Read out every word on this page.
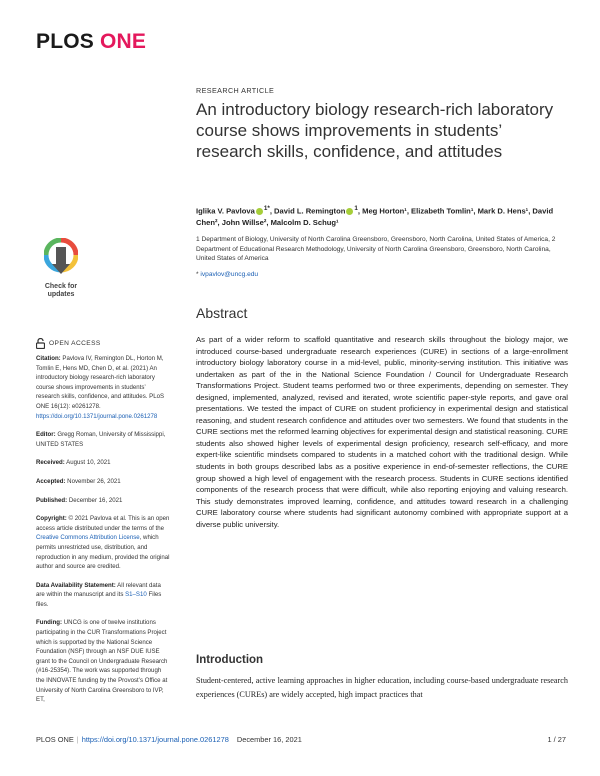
PLOS ONE
RESEARCH ARTICLE
An introductory biology research-rich laboratory course shows improvements in students’ research skills, confidence, and attitudes
Iglika V. Pavlova $^{1*}$, David L. Remington $^1$, Meg Horton¹, Elizabeth Tomlin¹, Mark D. Hens¹, David Chen², John Willse², Malcolm D. Schug¹
1 Department of Biology, University of North Carolina Greensboro, Greensboro, North Carolina, United States of America, 2 Department of Educational Research Methodology, University of North Carolina Greensboro, Greensboro, North Carolina, United States of America
* ivpavlov@uncg.edu
Check for
updates
OPEN ACCESS

Citation: Pavlova IV, Remington DL, Horton M, Tomlin E, Hens MD, Chen D, et al. (2021) An introductory biology research-rich laboratory course shows improvements in students’ research skills, confidence, and attitudes. PLoS ONE 16(12): e0261278. https://doi.org/10.1371/journal.pone.0261278

Editor: Gregg Roman, University of Mississippi, UNITED STATES

Received: August 10, 2021

Accepted: November 26, 2021

Published: December 16, 2021

Copyright: © 2021 Pavlova et al. This is an open access article distributed under the terms of the Creative Commons Attribution License, which permits unrestricted use, distribution, and reproduction in any medium, provided the original author and source are credited.

Data Availability Statement: All relevant data are within the manuscript and its S1–S10 Files files.

Funding: UNCG is one of twelve institutions participating in the CUR Transformations Project which is supported by the National Science Foundation (NSF) through an NSF DUE IUSE grant to the Council on Undergraduate Research (#16-25354). The work was supported through the INNOVATE funding by the Provost’s Office at University of North Carolina Greensboro to IVP, ET,

Abstract

As part of a wider reform to scaffold quantitative and research skills throughout the biology major, we introduced course-based undergraduate research experiences (CURE) in sections of a large-enrollment introductory biology laboratory course in a mid-level, public, minority-serving institution. This initiative was undertaken as part of the in the National Science Foundation / Council for Undergraduate Research Transformations Project. Student teams performed two or three experiments, depending on semester. They designed, implemented, analyzed, revised and iterated, wrote scientific paper-style reports, and gave oral presentations. We tested the impact of CURE on student proficiency in experimental design and statistical reasoning, and student research confidence and attitudes over two semesters. We found that students in the CURE sections met the reformed learning objectives for experimental design and statistical reasoning. CURE students also showed higher levels of experimental design proficiency, research self-efficacy, and more expert-like scientific mindsets compared to students in a matched cohort with the traditional design. While students in both groups described labs as a positive experience in end-of-semester reflections, the CURE group showed a high level of engagement with the research process. Students in CURE sections identified components of the research process that were difficult, while also reporting enjoying and valuing research. This study demonstrates improved learning, confidence, and attitudes toward research in a challenging CURE laboratory course where students had significant autonomy combined with appropriate support at a diverse public university.

Introduction

Student-centered, active learning approaches in higher education, including course-based undergraduate research experiences (CUREs) are widely accepted, high impact practices that

PLOS ONE | https://doi.org/10.1371/journal.pone.0261278 December 16, 2021	1 / 27
